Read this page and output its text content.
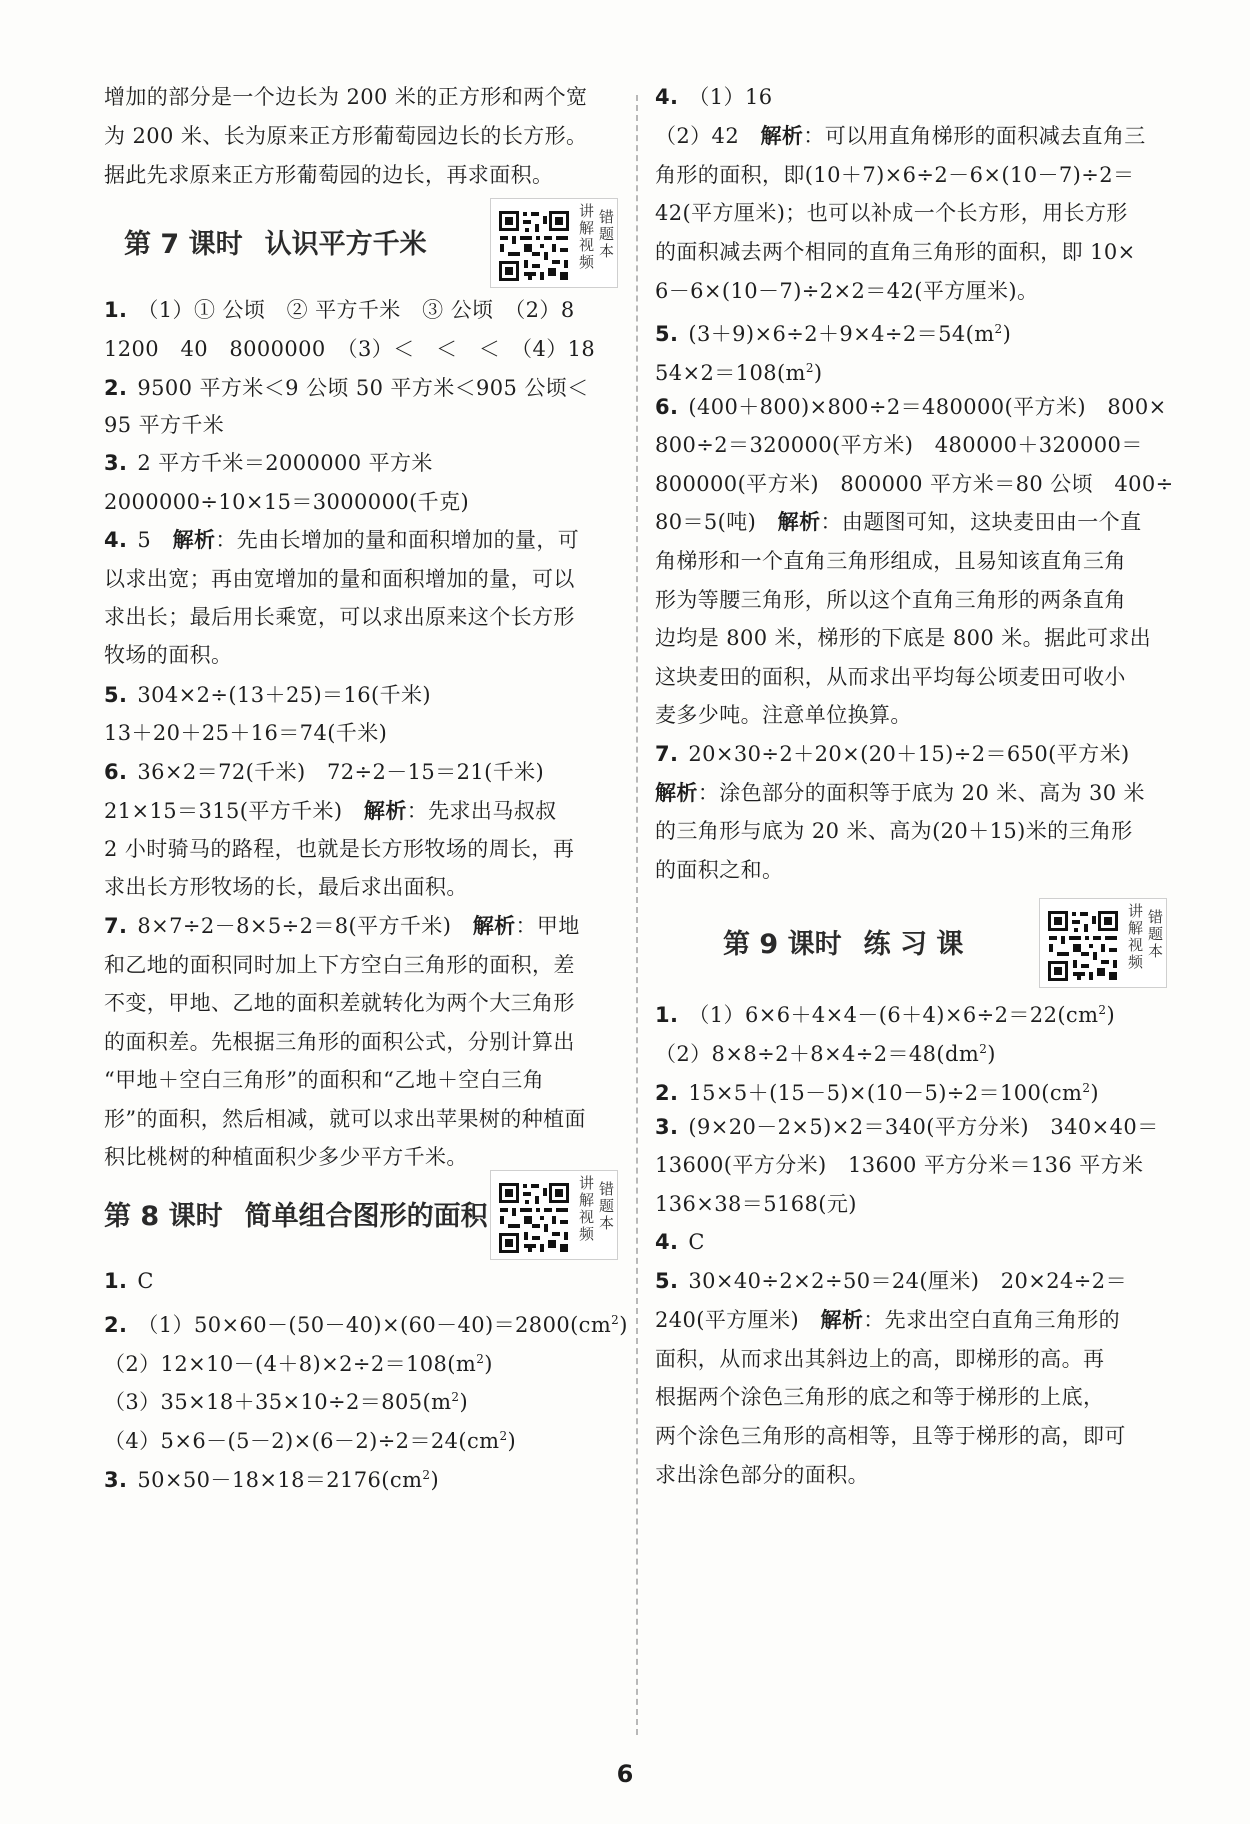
增加的部分是一个边长为 200 米的正方形和两个宽
为 200 米、长为原来正方形葡萄园边长的长方形。
据此先求原来正方形葡萄园的边长，再求面积。
第 7 课时 认识平方千米
讲解视频
错题本
1. （1）① 公顷　② 平方千米　③ 公顷　（2）8
1200　40　8000000　（3）＜　＜　＜　（4）18
2. 9500 平方米＜9 公顷 50 平方米＜905 公顷＜
95 平方千米
3. 2 平方千米＝2000000 平方米
2000000÷10×15＝3000000(千克)
4. 5　解析：先由长增加的量和面积增加的量，可
以求出宽；再由宽增加的量和面积增加的量，可以
求出长；最后用长乘宽，可以求出原来这个长方形
牧场的面积。
5. 304×2÷(13＋25)＝16(千米)
13＋20＋25＋16＝74(千米)
6. 36×2＝72(千米)　72÷2－15＝21(千米)
21×15＝315(平方千米)　解析：先求出马叔叔
2 小时骑马的路程，也就是长方形牧场的周长，再
求出长方形牧场的长，最后求出面积。
7. 8×7÷2－8×5÷2＝8(平方千米)　解析：甲地
和乙地的面积同时加上下方空白三角形的面积，差
不变，甲地、乙地的面积差就转化为两个大三角形
的面积差。先根据三角形的面积公式，分别计算出
“甲地＋空白三角形”的面积和“乙地＋空白三角
形”的面积，然后相减，就可以求出苹果树的种植面
积比桃树的种植面积少多少平方千米。
第 8 课时 简单组合图形的面积
讲解视频
错题本
1. C
2. $(1)50\times 60-(50-40)\times(60-40)=2800(cm^2)$
$(2)12\times 10-(4+8)\times 2\div 2=108(m^2)$
$(3)35\times 18+35\times 10\div 2=805(m^2)$
$(4)5\times 6-(5-2)\times(6-2)\div 2=24(cm^2)$
3. $50\times 50-18\times 18=2176(cm^2)$
4. （1）16
（2）42　解析：可以用直角梯形的面积减去直角三
角形的面积，即(10＋7)×6÷2－6×(10－7)÷2＝
42(平方厘米)；也可以补成一个长方形，用长方形
的面积减去两个相同的直角三角形的面积，即 10×
6－6×(10－7)÷2×2＝42(平方厘米)。
5. $(3+9)\times 6\div 2+9\times 4\div 2=54(m^2)$
$54\times 2=108(m^2)$
6. (400＋800)×800÷2＝480000(平方米)　800×
800÷2＝320000(平方米)　480000＋320000＝
800000(平方米)　800000 平方米＝80 公顷　400÷
80＝5(吨)　解析：由题图可知，这块麦田由一个直
角梯形和一个直角三角形组成，且易知该直角三角
形为等腰三角形，所以这个直角三角形的两条直角
边均是 800 米，梯形的下底是 800 米。据此可求出
这块麦田的面积，从而求出平均每公顷麦田可收小
麦多少吨。注意单位换算。
7. 20×30÷2＋20×(20＋15)÷2＝650(平方米)
解析：涂色部分的面积等于底为 20 米、高为 30 米
的三角形与底为 20 米、高为(20＋15)米的三角形
的面积之和。
第 9 课时 练 习 课
讲解视频
错题本
1. $(1)6\times 6+4\times 4-(6+4)\times 6\div 2=22(cm^2)$
$(2)8\times 8\div 2+8\times 4\div 2=48(dm^2)$
2. $15\times 5+(15-5)\times(10-5)\div 2=100(cm^2)$
3. (9×20－2×5)×2＝340(平方分米)　340×40＝
13600(平方分米)　13600 平方分米＝136 平方米
136×38＝5168(元)
4. C
5. 30×40÷2×2÷50＝24(厘米)　20×24÷2＝
240(平方厘米)　解析：先求出空白直角三角形的
面积，从而求出其斜边上的高，即梯形的高。再
根据两个涂色三角形的底之和等于梯形的上底，
两个涂色三角形的高相等，且等于梯形的高，即可
求出涂色部分的面积。
6
